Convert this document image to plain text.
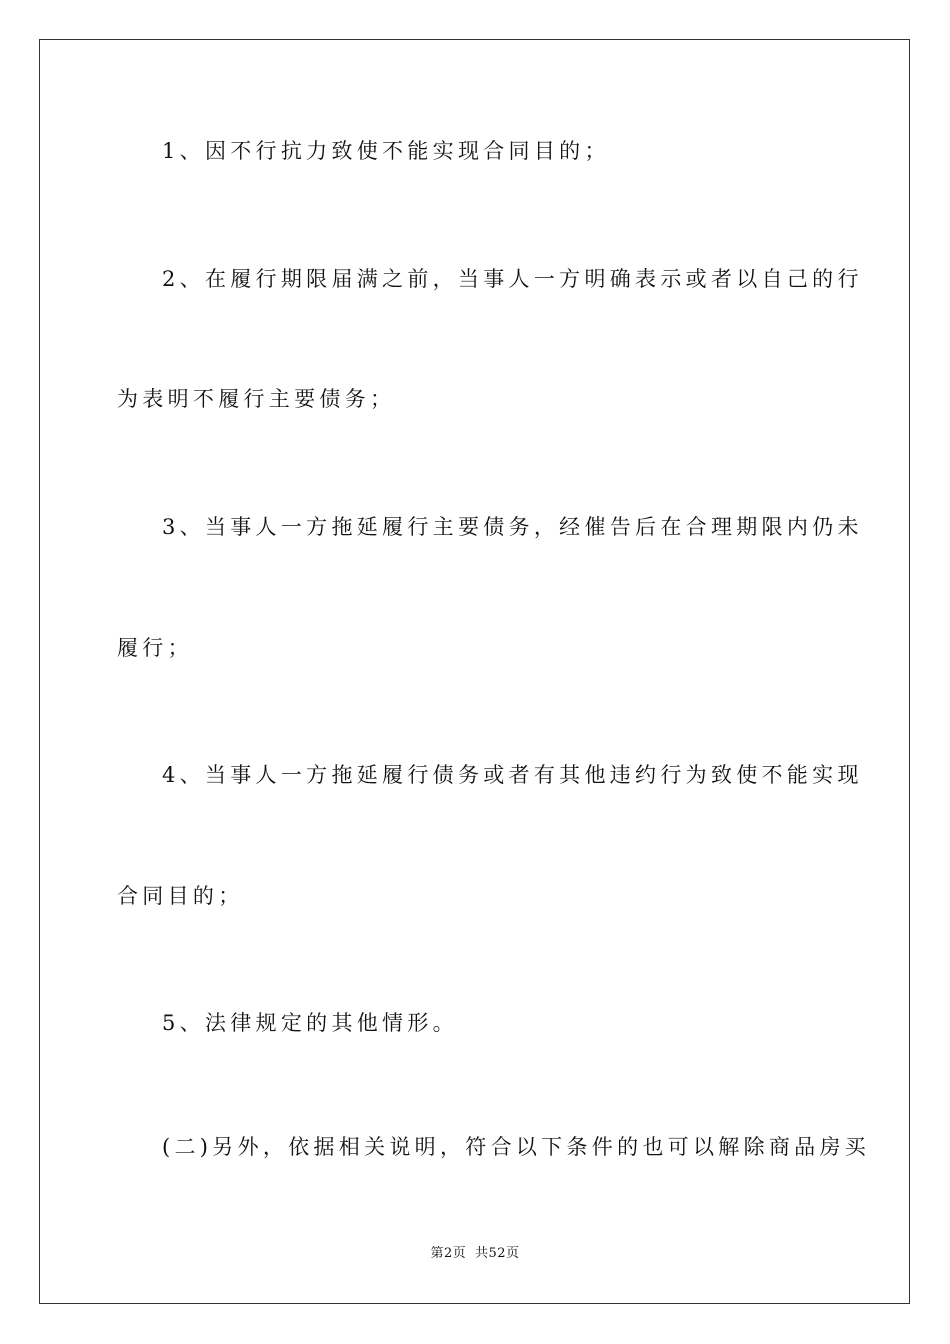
1、因不行抗力致使不能实现合同目的；
2、在履行期限届满之前，当事人一方明确表示或者以自己的行
为表明不履行主要债务；
3、当事人一方拖延履行主要债务，经催告后在合理期限内仍未
履行；
4、当事人一方拖延履行债务或者有其他违约行为致使不能实现
合同目的；
5、法律规定的其他情形。
(二)另外，依据相关说明，符合以下条件的也可以解除商品房买
第2页 共52页
